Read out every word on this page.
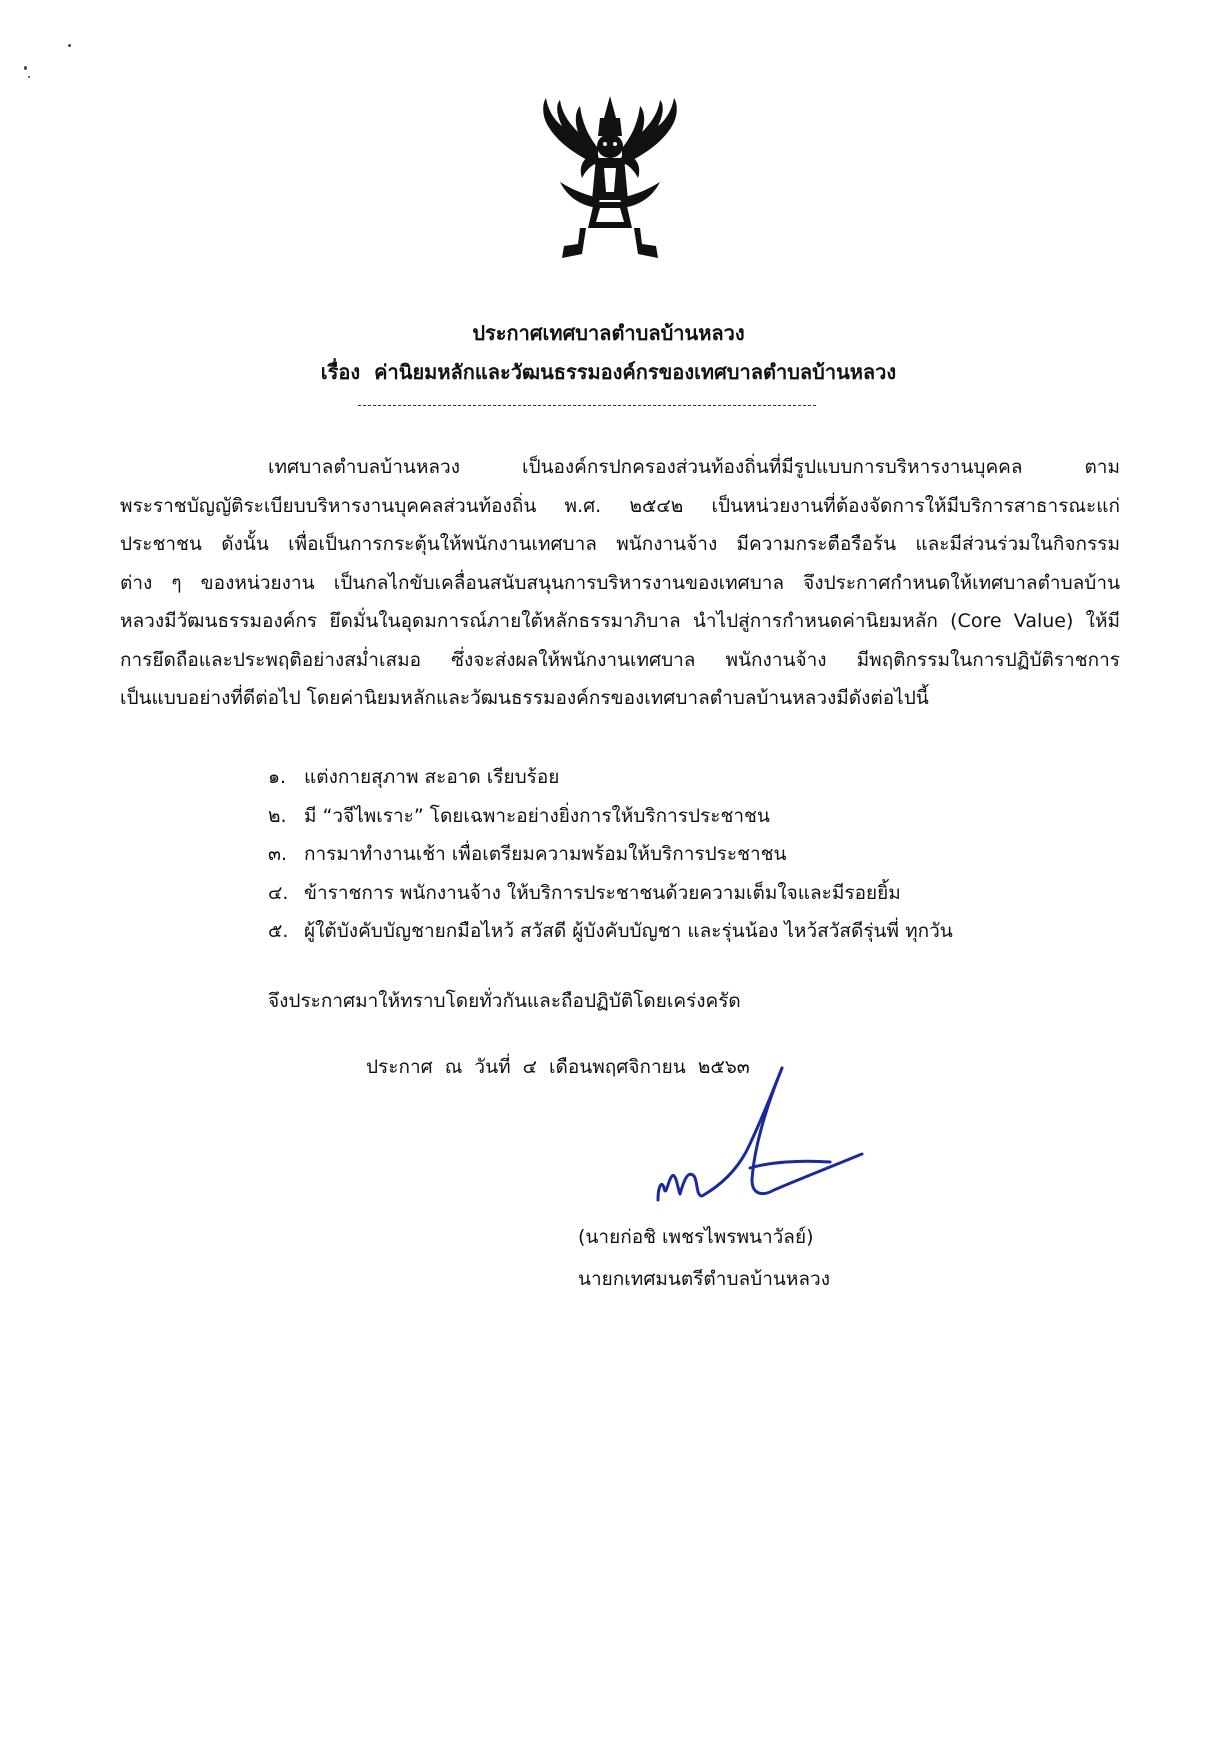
ประกาศเทศบาลตำบลบ้านหลวง
เรื่อง ค่านิยมหลักและวัฒนธรรมองค์กรของเทศบาลตำบลบ้านหลวง
เทศบาลตำบลบ้านหลวง เป็นองค์กรปกครองส่วนท้องถิ่นที่มีรูปแบบการบริหารงานบุคคล ตาม
พระราชบัญญัติระเบียบบริหารงานบุคคลส่วนท้องถิ่น พ.ศ. ๒๕๔๒ เป็นหน่วยงานที่ต้องจัดการให้มีบริการสาธารณะแก่
ประชาชน ดังนั้น เพื่อเป็นการกระตุ้นให้พนักงานเทศบาล พนักงานจ้าง มีความกระตือรือร้น และมีส่วนร่วมในกิจกรรม
ต่าง ๆ ของหน่วยงาน เป็นกลไกขับเคลื่อนสนับสนุนการบริหารงานของเทศบาล จึงประกาศกำหนดให้เทศบาลตำบลบ้าน
หลวงมีวัฒนธรรมองค์กร ยึดมั่นในอุดมการณ์ภายใต้หลักธรรมาภิบาล นำไปสู่การกำหนดค่านิยมหลัก (Core Value) ให้มี
การยึดถือและประพฤติอย่างสม่ำเสมอ ซึ่งจะส่งผลให้พนักงานเทศบาล พนักงานจ้าง มีพฤติกรรมในการปฏิบัติราชการ
เป็นแบบอย่างที่ดีต่อไป โดยค่านิยมหลักและวัฒนธรรมองค์กรของเทศบาลตำบลบ้านหลวงมีดังต่อไปนี้
๑. แต่งกายสุภาพ สะอาด เรียบร้อย
๒. มี “วจีไพเราะ” โดยเฉพาะอย่างยิ่งการให้บริการประชาชน
๓. การมาทำงานเช้า เพื่อเตรียมความพร้อมให้บริการประชาชน
๔. ข้าราชการ พนักงานจ้าง ให้บริการประชาชนด้วยความเต็มใจและมีรอยยิ้ม
๕. ผู้ใต้บังคับบัญชายกมือไหว้ สวัสดี ผู้บังคับบัญชา และรุ่นน้อง ไหว้สวัสดีรุ่นพี่ ทุกวัน
จึงประกาศมาให้ทราบโดยทั่วกันและถือปฏิบัติโดยเคร่งครัด
ประกาศ ณ วันที่ ๔ เดือนพฤศจิกายน ๒๕๖๓
(นายก่อชิ เพชรไพรพนาวัลย์)
นายกเทศมนตรีตำบลบ้านหลวง
